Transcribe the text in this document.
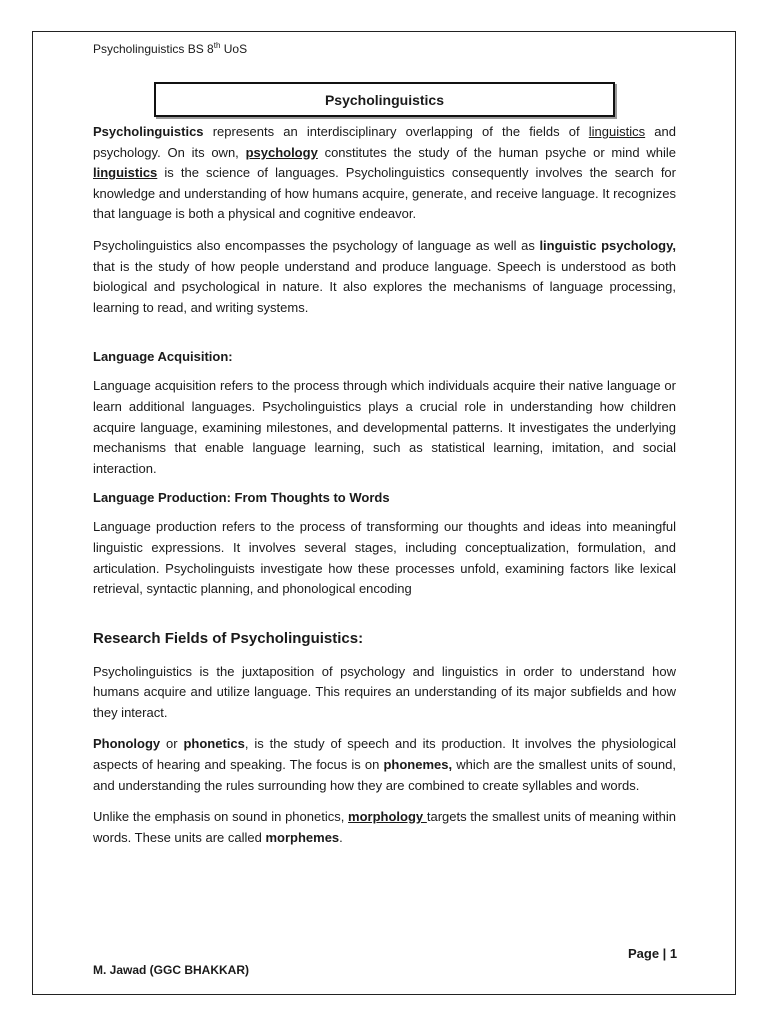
Psycholinguistics BS 8th UoS
Psycholinguistics

Psycholinguistics represents an interdisciplinary overlapping of the fields of linguistics and psychology. On its own, psychology constitutes the study of the human psyche or mind while linguistics is the science of languages. Psycholinguistics consequently involves the search for knowledge and understanding of how humans acquire, generate, and receive language. It recognizes that language is both a physical and cognitive endeavor.

Psycholinguistics also encompasses the psychology of language as well as linguistic psychology, that is the study of how people understand and produce language. Speech is understood as both biological and psychological in nature. It also explores the mechanisms of language processing, learning to read, and writing systems.

Language Acquisition:

Language acquisition refers to the process through which individuals acquire their native language or learn additional languages. Psycholinguistics plays a crucial role in understanding how children acquire language, examining milestones, and developmental patterns. It investigates the underlying mechanisms that enable language learning, such as statistical learning, imitation, and social interaction.

Language Production: From Thoughts to Words

Language production refers to the process of transforming our thoughts and ideas into meaningful linguistic expressions. It involves several stages, including conceptualization, formulation, and articulation. Psycholinguists investigate how these processes unfold, examining factors like lexical retrieval, syntactic planning, and phonological encoding

Research Fields of Psycholinguistics:

Psycholinguistics is the juxtaposition of psychology and linguistics in order to understand how humans acquire and utilize language. This requires an understanding of its major subfields and how they interact.

Phonology or phonetics, is the study of speech and its production. It involves the physiological aspects of hearing and speaking. The focus is on phonemes, which are the smallest units of sound, and understanding the rules surrounding how they are combined to create syllables and words.

Unlike the emphasis on sound in phonetics, morphology targets the smallest units of meaning within words. These units are called morphemes.

Page | 1
M. Jawad (GGC BHAKKAR)
